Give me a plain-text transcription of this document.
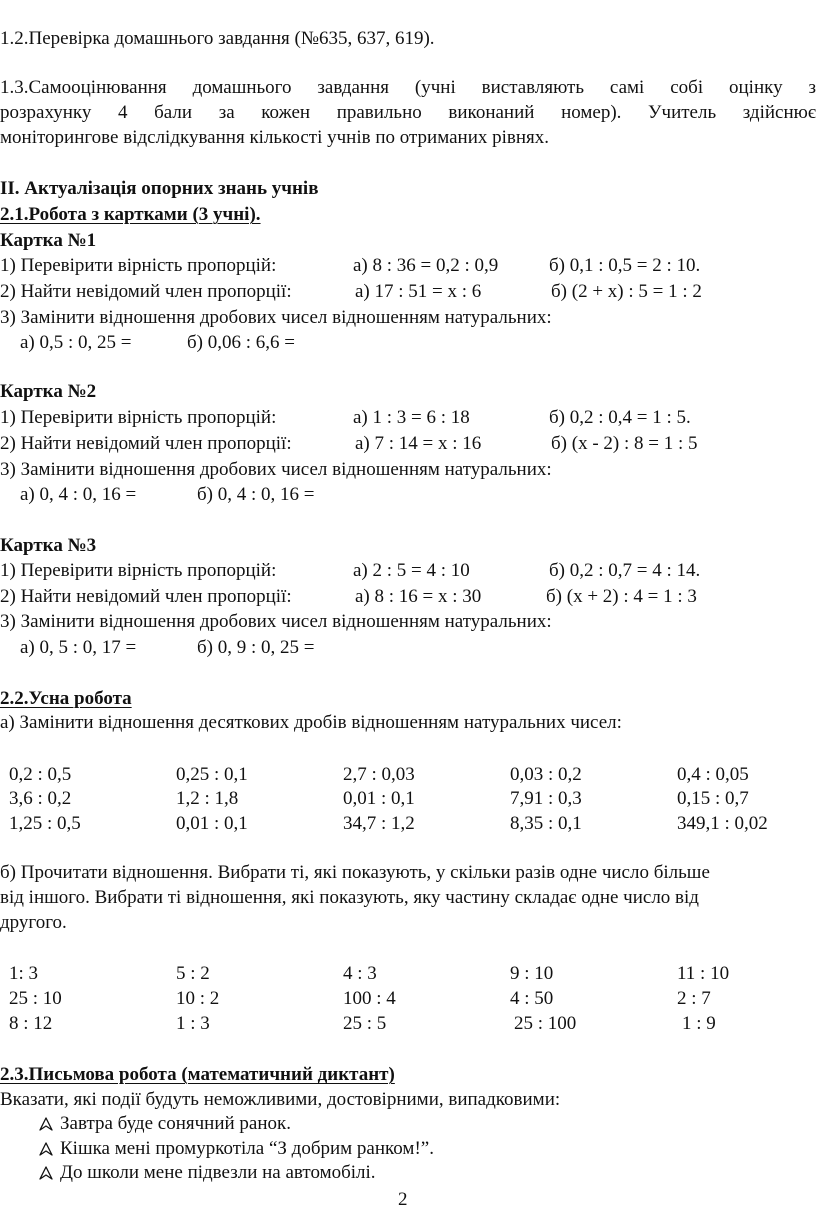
1.2.Перевірка домашнього завдання (№635, 637, 619).
1.3.Самооцінювання домашнього завдання (учні виставляють самі собі оцінку з
розрахунку 4 бали за кожен правильно виконаний номер). Учитель здійснює
моніторингове відслідкування кількості учнів по отриманих рівнях.
ІІ. Актуалізація опорних знань учнів
2.1.Робота з картками (3 учні).
Картка №1
1) Перевірити вірність пропорцій:	а) 8 : 36 = 0,2 : 0,9	б) 0,1 : 0,5 = 2 : 10.
2) Найти невідомий член пропорції:	а) 17 : 51 = х : 6	б) (2 + х) : 5 = 1 : 2
3) Замінити відношення дробових чисел відношенням натуральних:
а) 0,5 : 0, 25 =	б) 0,06 : 6,6 =
Картка №2
1) Перевірити вірність пропорцій:	а) 1 : 3 = 6 : 18	б) 0,2 : 0,4 = 1 : 5.
2) Найти невідомий член пропорції:	а) 7 : 14 = х : 16	б) (х - 2) : 8 = 1 : 5
3) Замінити відношення дробових чисел відношенням натуральних:
а) 0, 4 : 0, 16 =	б) 0, 4 : 0, 16 =
Картка №3
1) Перевірити вірність пропорцій:	а) 2 : 5 = 4 : 10	б) 0,2 : 0,7 = 4 : 14.
2) Найти невідомий член пропорції:	а) 8 : 16 = х : 30	б) (х + 2) : 4 = 1 : 3
3) Замінити відношення дробових чисел відношенням натуральних:
а) 0, 5 : 0, 17 =	б) 0, 9 : 0, 25 =
2.2.Усна робота
а) Замінити відношення десяткових дробів відношенням натуральних чисел:
0,2 : 0,5	0,25 : 0,1	2,7 : 0,03	0,03 : 0,2	0,4 : 0,05
3,6 : 0,2	1,2 : 1,8	0,01 : 0,1	7,91 : 0,3	0,15 : 0,7
1,25 : 0,5	0,01 : 0,1	34,7 : 1,2	8,35 : 0,1	349,1 : 0,02
б) Прочитати відношення. Вибрати ті, які показують, у скільки разів одне число більше
від іншого. Вибрати ті відношення, які показують, яку частину складає одне число від
другого.
1: 3	5 : 2	4 : 3	9 : 10	11 : 10
25 : 10	10 : 2	100 : 4	4 : 50	2 : 7
8 : 12	1 : 3	25 : 5	25 : 100	1 : 9
2.3.Письмова робота (математичний диктант)
Вказати, які події будуть неможливими, достовірними, випадковими:
Завтра буде сонячний ранок.
Кішка мені промуркотіла “З добрим ранком!”.
До школи мене підвезли на автомобілі.
2
